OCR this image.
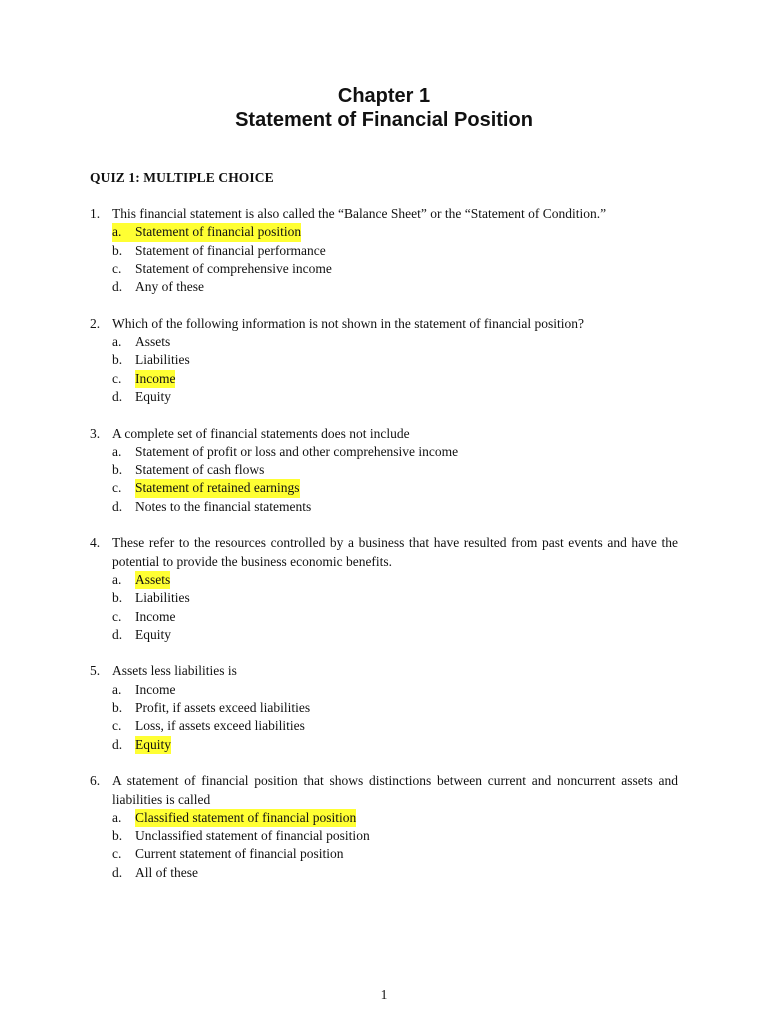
Chapter 1
Statement of Financial Position
QUIZ 1: MULTIPLE CHOICE
1. This financial statement is also called the “Balance Sheet” or the “Statement of Condition.”
a.	Statement of financial position
b. Statement of financial performance
c.	Statement of comprehensive income
d. Any of these
2. Which of the following information is not shown in the statement of financial position?
a.	Assets
b. Liabilities
c.	Income
d. Equity
3. A complete set of financial statements does not include
a.	Statement of profit or loss and other comprehensive income
b. Statement of cash flows
c.	Statement of retained earnings
d. Notes to the financial statements
4. These refer to the resources controlled by a business that have resulted from past events and have the potential to provide the business economic benefits.
a.	Assets
b. Liabilities
c.	Income
d. Equity
5. Assets less liabilities is
a.	Income
b. Profit, if assets exceed liabilities
c.	Loss, if assets exceed liabilities
d. Equity
6. A statement of financial position that shows distinctions between current and noncurrent assets and liabilities is called
a.	Classified statement of financial position
b. Unclassified statement of financial position
c.	Current statement of financial position
d. All of these
1
